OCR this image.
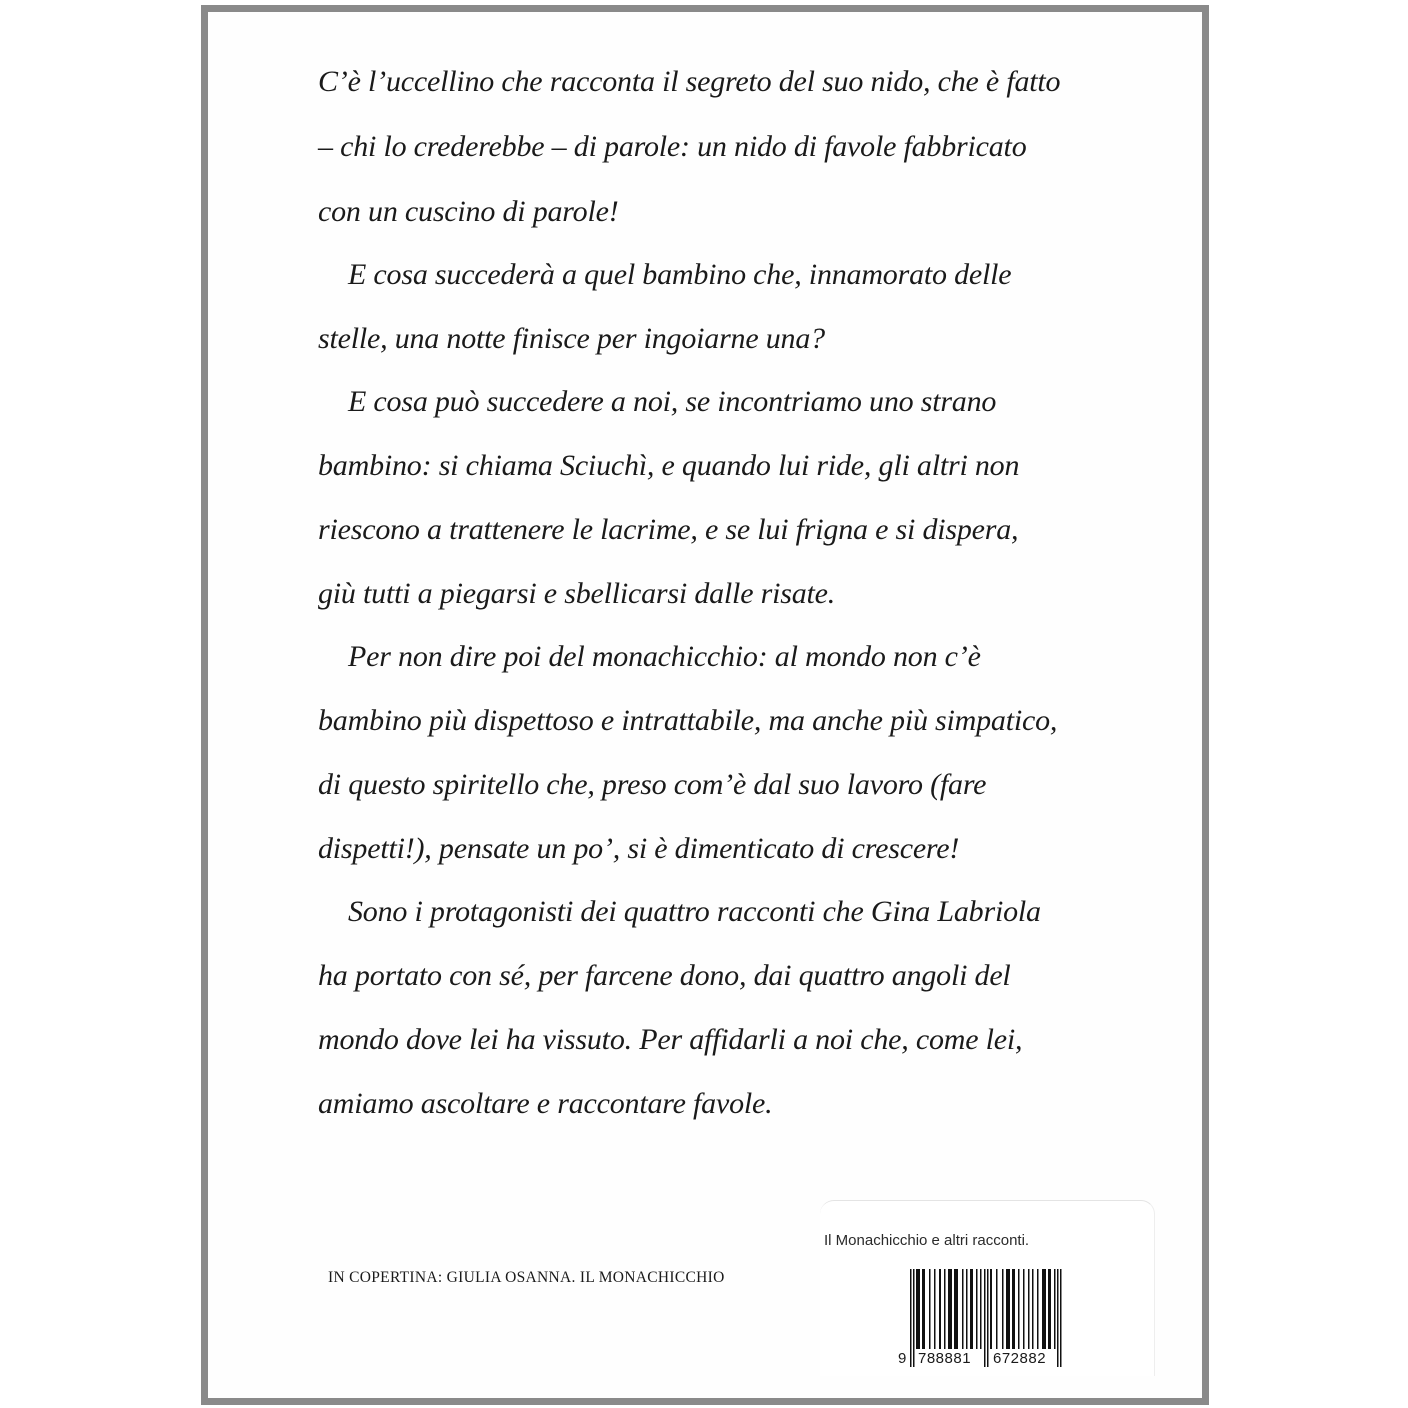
C’è l’uccellino che racconta il segreto del suo nido, che è fatto
– chi lo crederebbe – di parole: un nido di favole fabbricato
con un cuscino di parole!
E cosa succederà a quel bambino che, innamorato delle
stelle, una notte finisce per ingoiarne una?
E cosa può succedere a noi, se incontriamo uno strano
bambino: si chiama Sciuchì, e quando lui ride, gli altri non
riescono a trattenere le lacrime, e se lui frigna e si dispera,
giù tutti a piegarsi e sbellicarsi dalle risate.
Per non dire poi del monachicchio: al mondo non c’è
bambino più dispettoso e intrattabile, ma anche più simpatico,
di questo spiritello che, preso com’è dal suo lavoro (fare
dispetti!), pensate un po’, si è dimenticato di crescere!
Sono i protagonisti dei quattro racconti che Gina Labriola
ha portato con sé, per farcene dono, dai quattro angoli del
mondo dove lei ha vissuto. Per affidarli a noi che, come lei,
amiamo ascoltare e raccontare favole.
IN COPERTINA: GIULIA OSANNA. IL MONACHICCHIO
Il Monachicchio e altri racconti.
9 788881 672882
